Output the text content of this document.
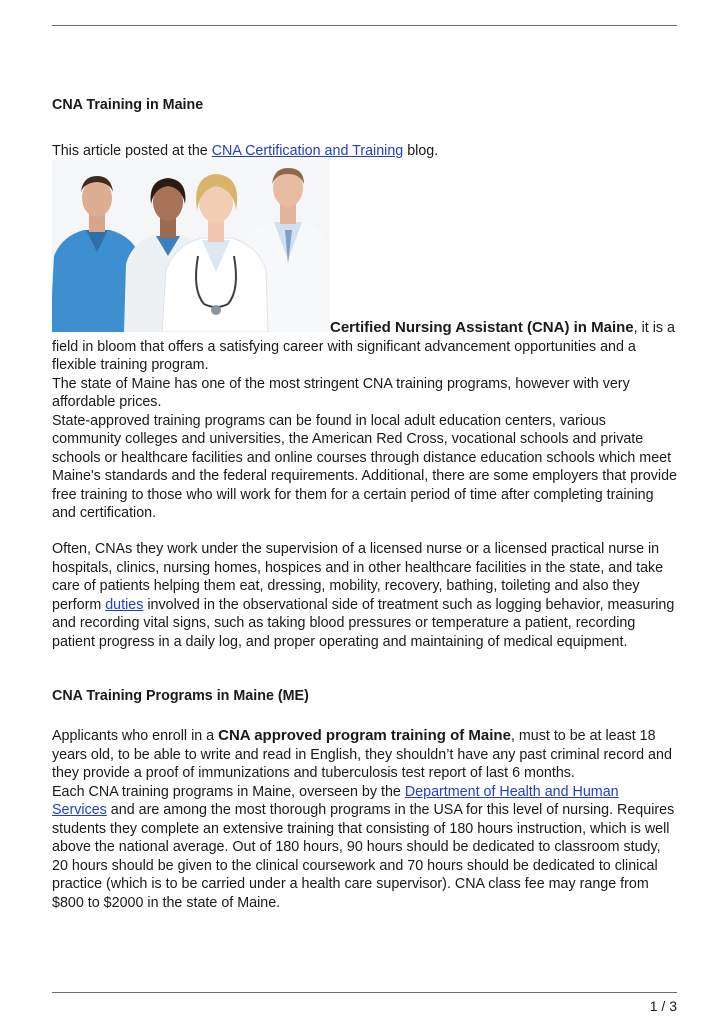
CNA Training in Maine

This article posted at the CNA Certification and Training blog.

Certified Nursing Assistant (CNA) in Maine, it is a field in bloom that offers a satisfying career with significant advancement opportunities and a flexible training program.

The state of Maine has one of the most stringent CNA training programs, however with very affordable prices.

State-approved training programs can be found in local adult education centers, various community colleges and universities, the American Red Cross, vocational schools and private schools or healthcare facilities and online courses through distance education schools which meet Maine's standards and the federal requirements. Additional, there are some employers that provide free training to those who will work for them for a certain period of time after completing training and certification.

Often, CNAs they work under the supervision of a licensed nurse or a licensed practical nurse in hospitals, clinics, nursing homes, hospices and in other healthcare facilities in the state, and take care of patients helping them eat, dressing, mobility, recovery, bathing, toileting and also they perform duties involved in the observational side of treatment such as logging behavior, measuring and recording vital signs, such as taking blood pressures or temperature a patient, recording patient progress in a daily log, and proper operating and maintaining of medical equipment.

CNA Training Programs in Maine (ME)

Applicants who enroll in a CNA approved program training of Maine, must to be at least 18 years old, to be able to write and read in English, they shouldn’t have any past criminal record and they provide a proof of immunizations and tuberculosis test report of last 6 months.

Each CNA training programs in Maine, overseen by the Department of Health and Human Services and are among the most thorough programs in the USA for this level of nursing. Requires students they complete an extensive training that consisting of 180 hours instruction, which is well above the national average. Out of 180 hours, 90 hours should be dedicated to classroom study, 20 hours should be given to the clinical coursework and 70 hours should be dedicated to clinical practice (which is to be carried under a health care supervisor). CNA class fee may range from $800 to $2000 in the state of Maine.

1 / 3
